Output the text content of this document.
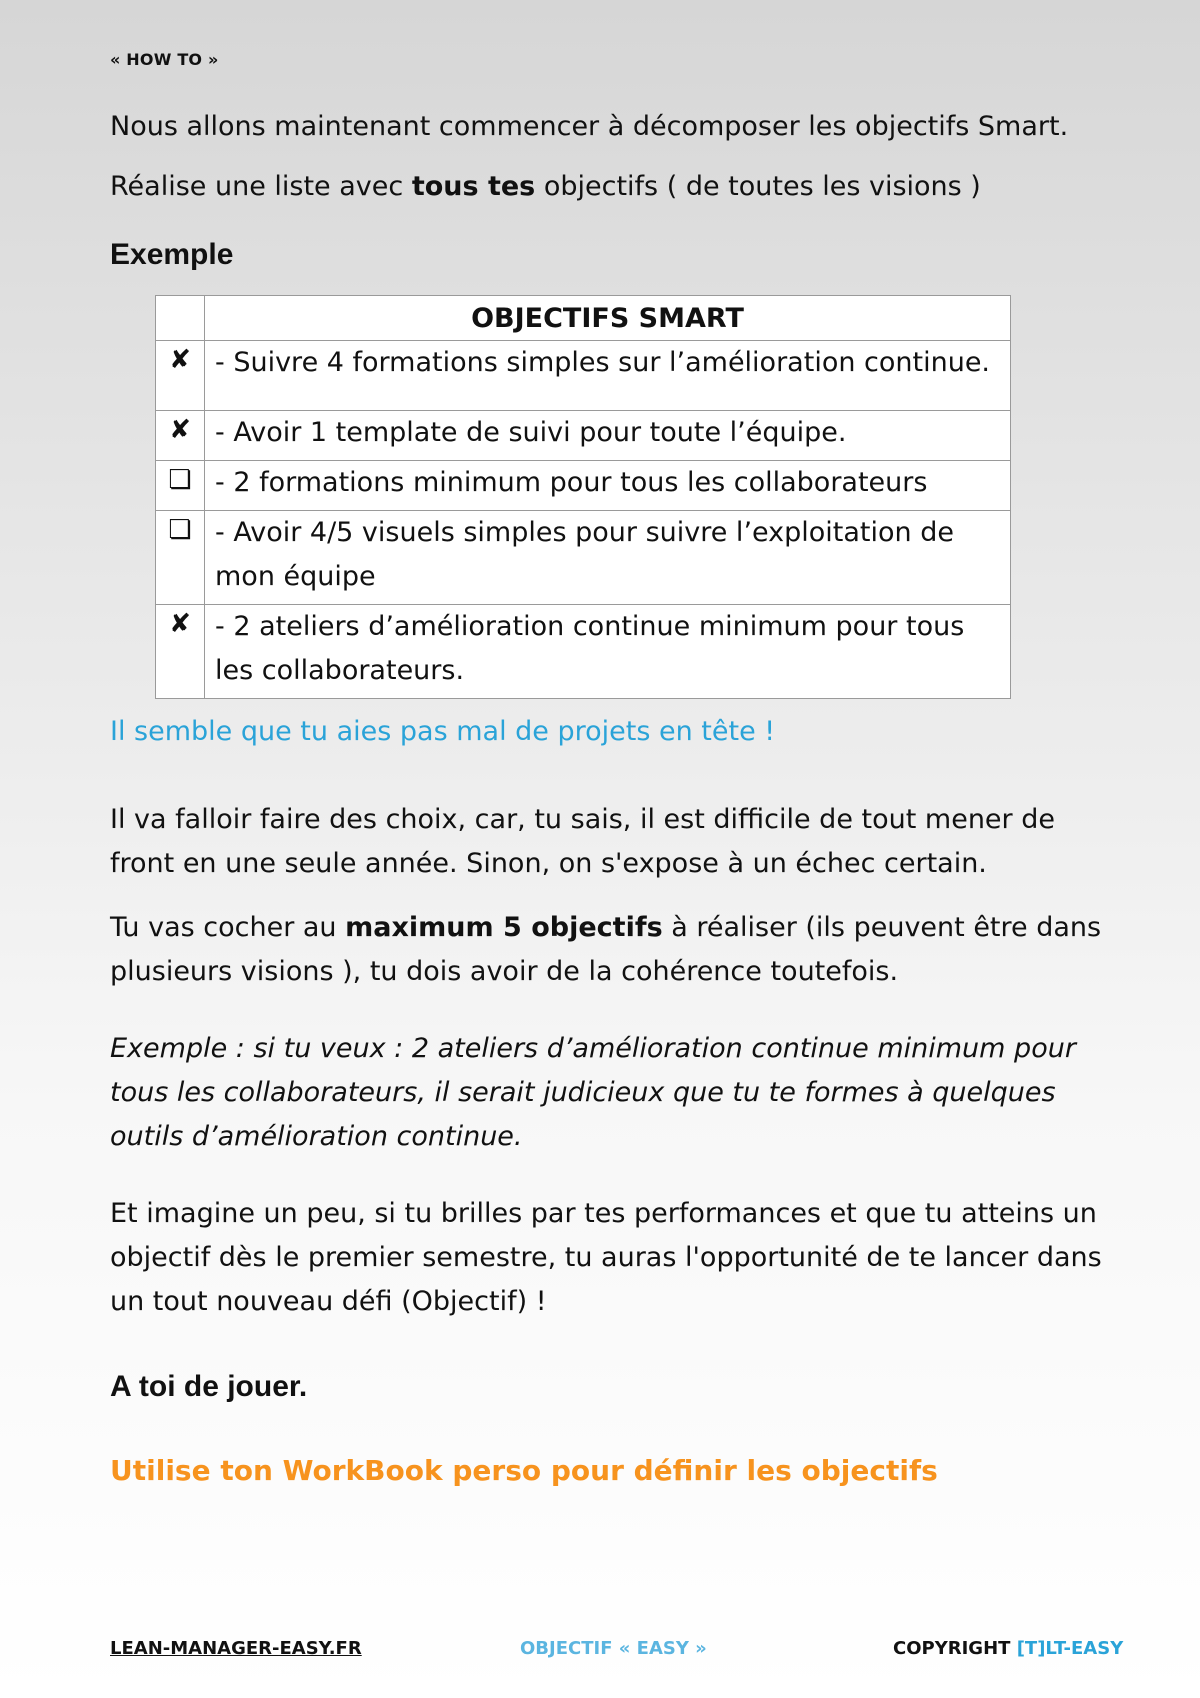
« HOW TO »
Nous allons maintenant commencer à décomposer les objectifs Smart.
Réalise une liste avec tous tes objectifs ( de toutes les visions )
Exemple
	OBJECTIFS SMART
✘	- Suivre 4 formations simples sur l’amélioration continue.
✘	- Avoir 1 template de suivi pour toute l’équipe.
❏	- 2 formations minimum pour tous les collaborateurs
❏	- Avoir 4/5 visuels simples pour suivre l’exploitation de mon équipe
✘	- 2 ateliers d’amélioration continue minimum pour tous les collaborateurs.
Il semble que tu aies pas mal de projets en tête !
Il va falloir faire des choix, car, tu sais, il est difficile de tout mener de front en une seule année. Sinon, on s'expose à un échec certain.
Tu vas cocher au maximum 5 objectifs à réaliser (ils peuvent être dans plusieurs visions ), tu dois avoir de la cohérence toutefois.
Exemple : si tu veux : 2 ateliers d’amélioration continue minimum pour tous les collaborateurs, il serait judicieux que tu te formes à quelques outils d’amélioration continue.
Et imagine un peu, si tu brilles par tes performances et que tu atteins un objectif dès le premier semestre, tu auras l'opportunité de te lancer dans un tout nouveau défi (Objectif) !
A toi de jouer.
Utilise ton WorkBook perso pour définir les objectifs
LEAN-MANAGER-EASY.FR	OBJECTIF « EASY »	COPYRIGHT [T]LT-EASY
